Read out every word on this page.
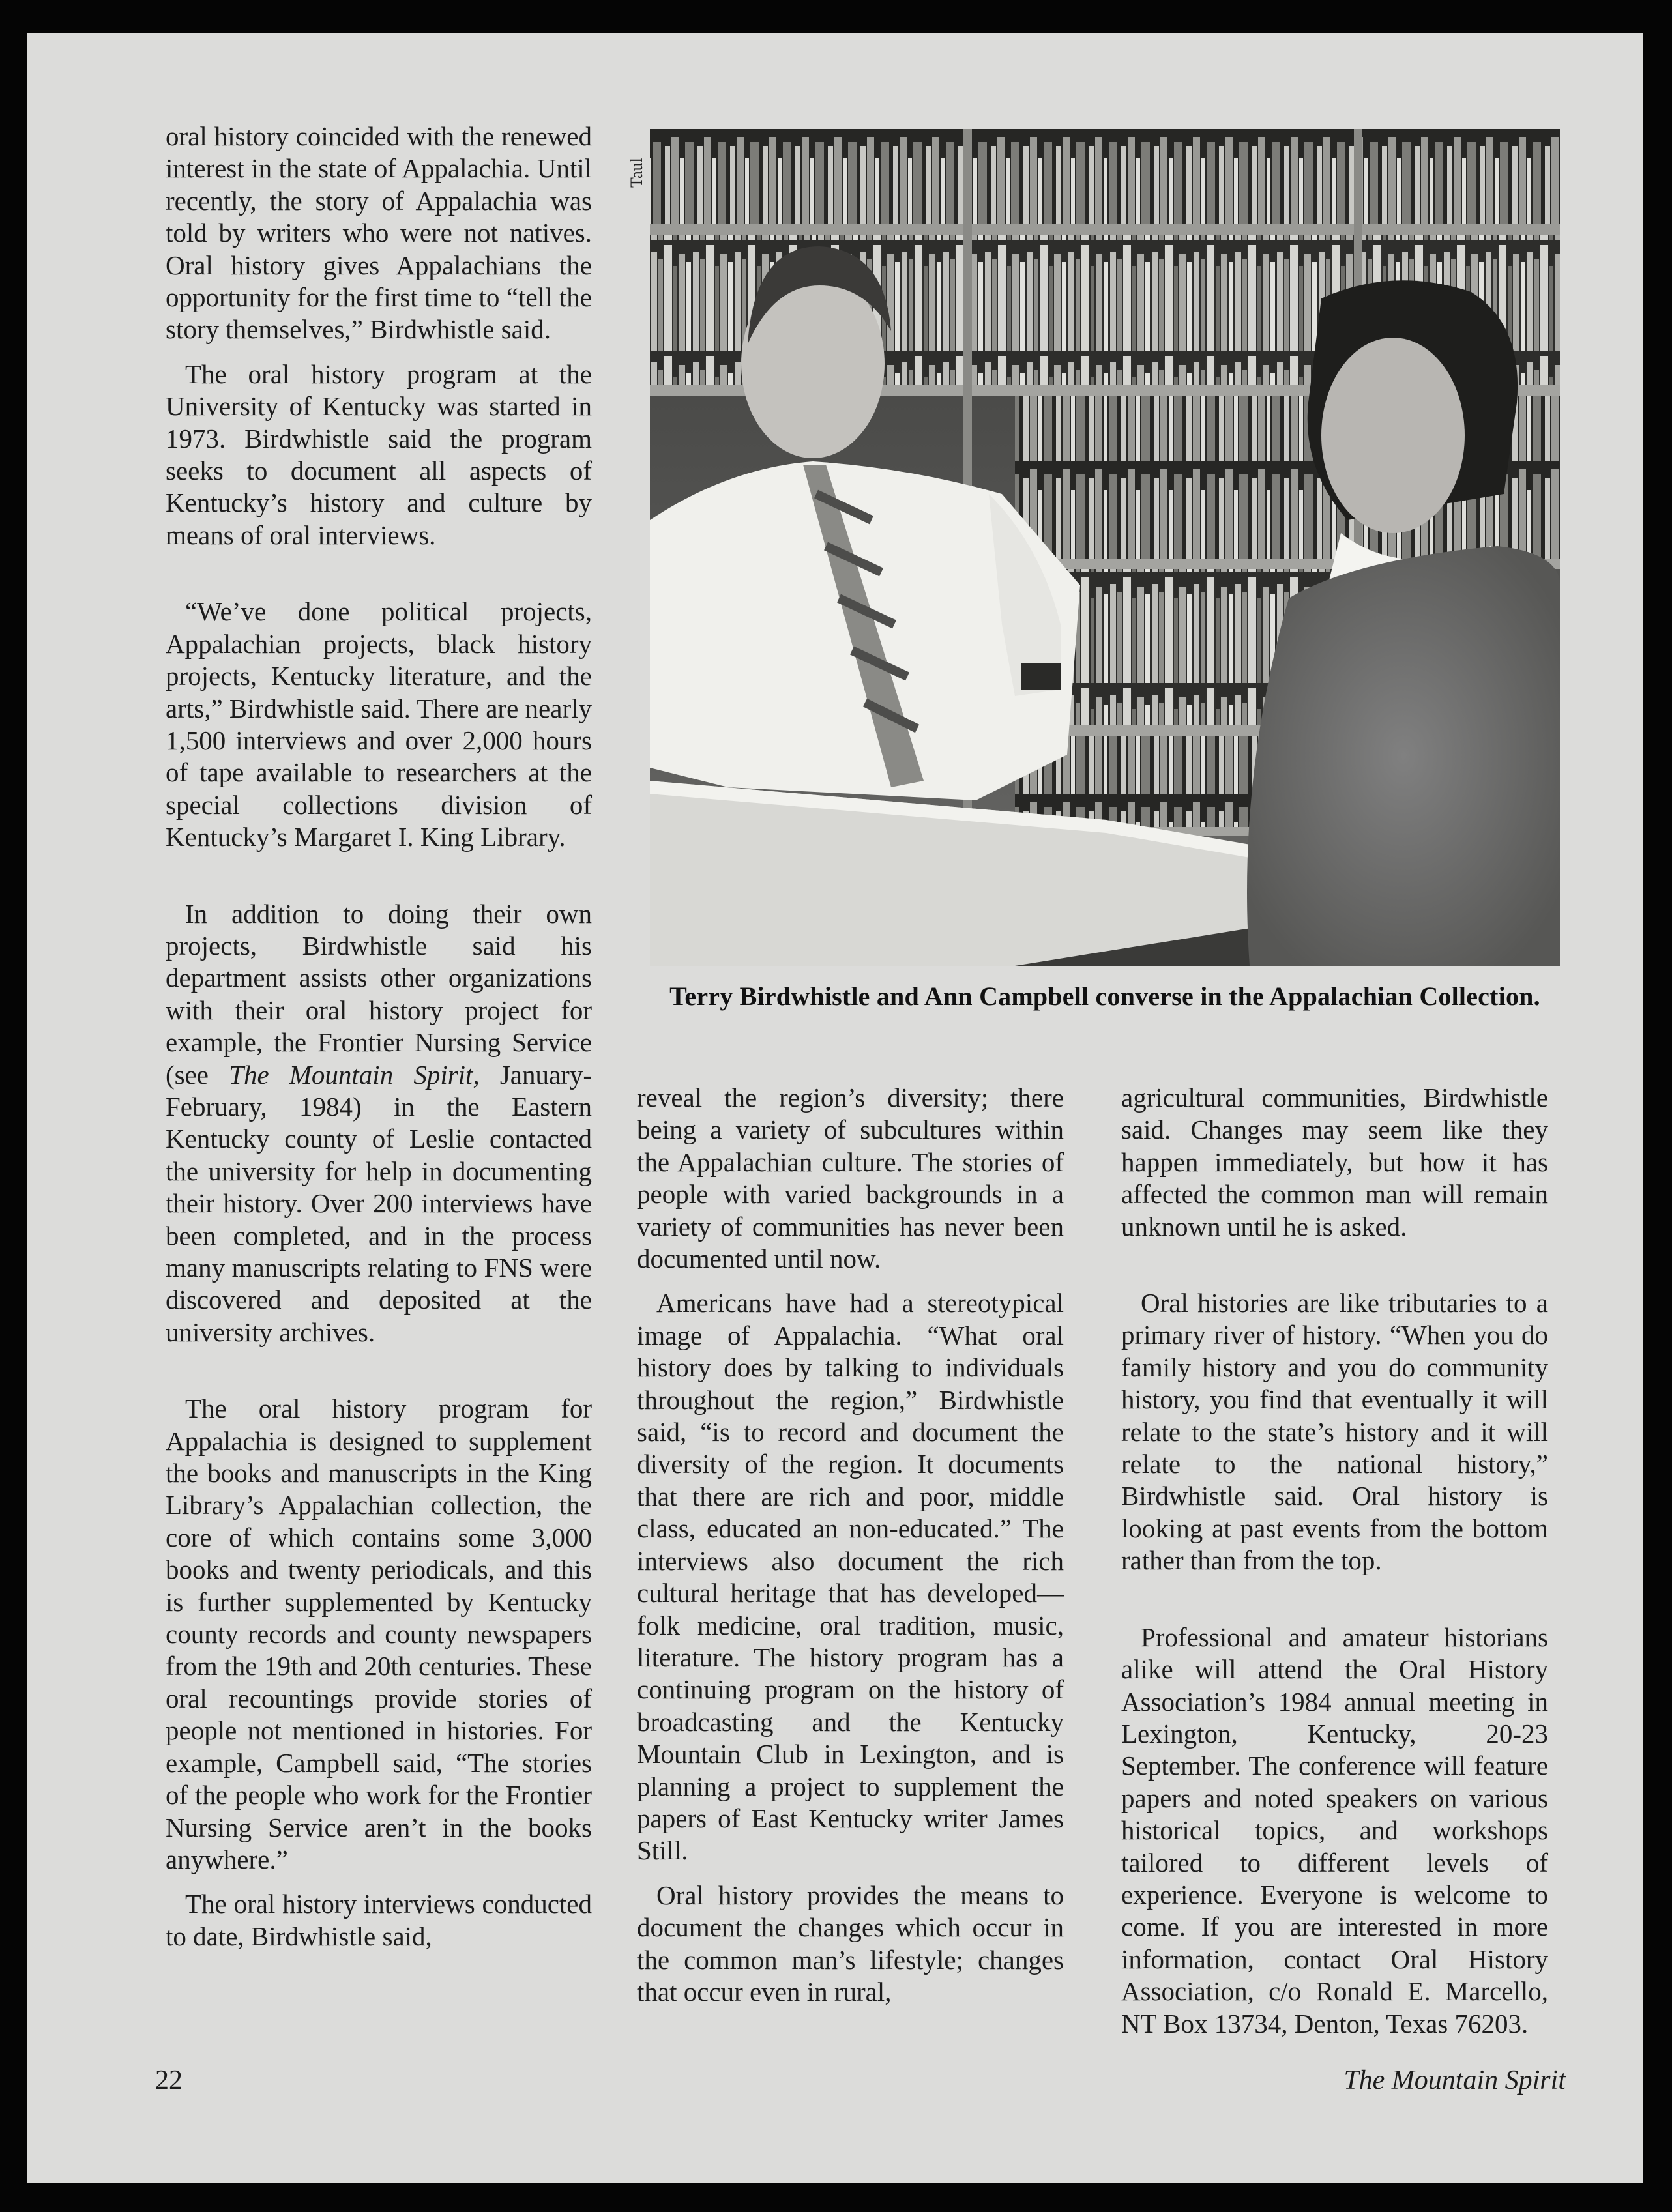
oral history coincided with the renewed interest in the state of Appalachia. Until recently, the story of Appalachia was told by writers who were not natives. Oral history gives Appalachians the opportunity for the first time to “tell the story themselves,” Birdwhistle said.

The oral history program at the University of Kentucky was started in 1973. Birdwhistle said the program seeks to document all aspects of Kentucky’s history and culture by means of oral interviews.

“We’ve done political projects, Appalachian projects, black history projects, Kentucky literature, and the arts,” Birdwhistle said. There are nearly 1,500 interviews and over 2,000 hours of tape available to researchers at the special collections division of Kentucky’s Margaret I. King Library.

In addition to doing their own projects, Birdwhistle said his department assists other organizations with their oral history project for example, the Frontier Nursing Service (see The Mountain Spirit, January-February, 1984) in the Eastern Kentucky county of Leslie contacted the university for help in documenting their history. Over 200 interviews have been completed, and in the process many manuscripts relating to FNS were discovered and deposited at the university archives.

The oral history program for Appalachia is designed to supplement the books and manuscripts in the King Library’s Appalachian collection, the core of which contains some 3,000 books and twenty periodicals, and this is further supplemented by Kentucky county records and county newspapers from the 19th and 20th centuries. These oral recountings provide stories of people not mentioned in histories. For example, Campbell said, “The stories of the people who work for the Frontier Nursing Service aren’t in the books anywhere.”

The oral history interviews conducted to date, Birdwhistle said,

Taul
Terry Birdwhistle and Ann Campbell converse in the Appalachian Collection.

reveal the region’s diversity; there being a variety of subcultures within the Appalachian culture. The stories of people with varied backgrounds in a variety of communities has never been documented until now.

Americans have had a stereotypical image of Appalachia. “What oral history does by talking to individuals throughout the region,” Birdwhistle said, “is to record and document the diversity of the region. It documents that there are rich and poor, middle class, educated an non-educated.” The interviews also document the rich cultural heritage that has developed—folk medicine, oral tradition, music, literature. The history program has a continuing program on the history of broadcasting and the Kentucky Mountain Club in Lexington, and is planning a project to supplement the papers of East Kentucky writer James Still.

Oral history provides the means to document the changes which occur in the common man’s lifestyle; changes that occur even in rural,

agricultural communities, Birdwhistle said. Changes may seem like they happen immediately, but how it has affected the common man will remain unknown until he is asked.

Oral histories are like tributaries to a primary river of history. “When you do family history and you do community history, you find that eventually it will relate to the state’s history and it will relate to the national history,” Birdwhistle said. Oral history is looking at past events from the bottom rather than from the top.

Professional and amateur historians alike will attend the Oral History Association’s 1984 annual meeting in Lexington, Kentucky, 20-23 September. The conference will feature papers and noted speakers on various historical topics, and workshops tailored to different levels of experience. Everyone is welcome to come. If you are interested in more information, contact Oral History Association, c/o Ronald E. Marcello, NT Box 13734, Denton, Texas 76203.

22	The Mountain Spirit
